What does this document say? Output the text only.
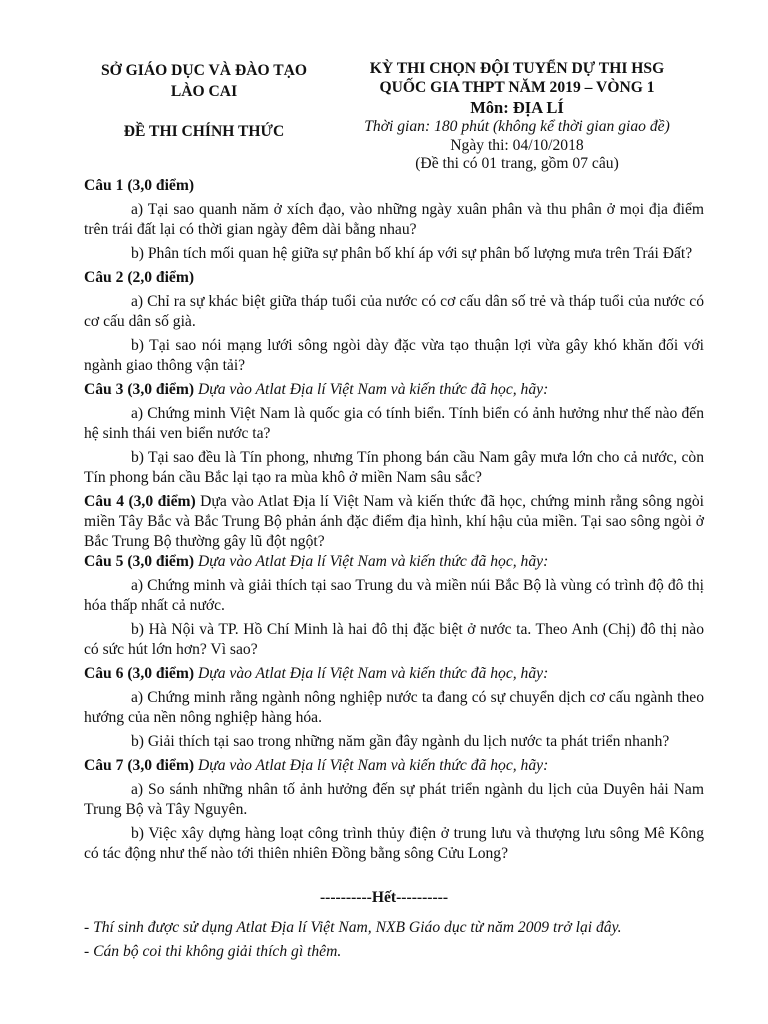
SỞ GIÁO DỤC VÀ ĐÀO TẠO
LÀO CAI
ĐỀ THI CHÍNH THỨC
KỲ THI CHỌN ĐỘI TUYỂN DỰ THI HSG
QUỐC GIA THPT NĂM 2019 – VÒNG 1
Môn: ĐỊA LÍ
Thời gian: 180 phút (không kể thời gian giao đề)
Ngày thi: 04/10/2018
(Đề thi có 01 trang, gồm 07 câu)

Câu 1 (3,0 điểm)

a) Tại sao quanh năm ở xích đạo, vào những ngày xuân phân và thu phân ở mọi địa điểm trên trái đất lại có thời gian ngày đêm dài bằng nhau?

b) Phân tích mối quan hệ giữa sự phân bố khí áp với sự phân bố lượng mưa trên Trái Đất?

Câu 2 (2,0 điểm)

a) Chỉ ra sự khác biệt giữa tháp tuổi của nước có cơ cấu dân số trẻ và tháp tuổi của nước có cơ cấu dân số già.

b) Tại sao nói mạng lưới sông ngòi dày đặc vừa tạo thuận lợi vừa gây khó khăn đối với ngành giao thông vận tải?

Câu 3 (3,0 điểm) Dựa vào Atlat Địa lí Việt Nam và kiến thức đã học, hãy:

a) Chứng minh Việt Nam là quốc gia có tính biển. Tính biển có ảnh hưởng như thế nào đến hệ sinh thái ven biển nước ta?

b) Tại sao đều là Tín phong, nhưng Tín phong bán cầu Nam gây mưa lớn cho cả nước, còn Tín phong bán cầu Bắc lại tạo ra mùa khô ở miền Nam sâu sắc?

Câu 4 (3,0 điểm) Dựa vào Atlat Địa lí Việt Nam và kiến thức đã học, chứng minh rằng sông ngòi miền Tây Bắc và Bắc Trung Bộ phản ánh đặc điểm địa hình, khí hậu của miền. Tại sao sông ngòi ở Bắc Trung Bộ thường gây lũ đột ngột?

Câu 5 (3,0 điểm) Dựa vào Atlat Địa lí Việt Nam và kiến thức đã học, hãy:

a) Chứng minh và giải thích tại sao Trung du và miền núi Bắc Bộ là vùng có trình độ đô thị hóa thấp nhất cả nước.

b) Hà Nội và TP. Hồ Chí Minh là hai đô thị đặc biệt ở nước ta. Theo Anh (Chị) đô thị nào có sức hút lớn hơn? Vì sao?

Câu 6 (3,0 điểm) Dựa vào Atlat Địa lí Việt Nam và kiến thức đã học, hãy:

a) Chứng minh rằng ngành nông nghiệp nước ta đang có sự chuyển dịch cơ cấu ngành theo hướng của nền nông nghiệp hàng hóa.

b) Giải thích tại sao trong những năm gần đây ngành du lịch nước ta phát triển nhanh?

Câu 7 (3,0 điểm) Dựa vào Atlat Địa lí Việt Nam và kiến thức đã học, hãy:

a) So sánh những nhân tố ảnh hưởng đến sự phát triển ngành du lịch của Duyên hải Nam Trung Bộ và Tây Nguyên.

b) Việc xây dựng hàng loạt công trình thủy điện ở trung lưu và thượng lưu sông Mê Kông có tác động như thế nào tới thiên nhiên Đồng bằng sông Cửu Long?

----------Hết----------
- Thí sinh được sử dụng Atlat Địa lí Việt Nam, NXB Giáo dục từ năm 2009 trở lại đây.
- Cán bộ coi thi không giải thích gì thêm.
